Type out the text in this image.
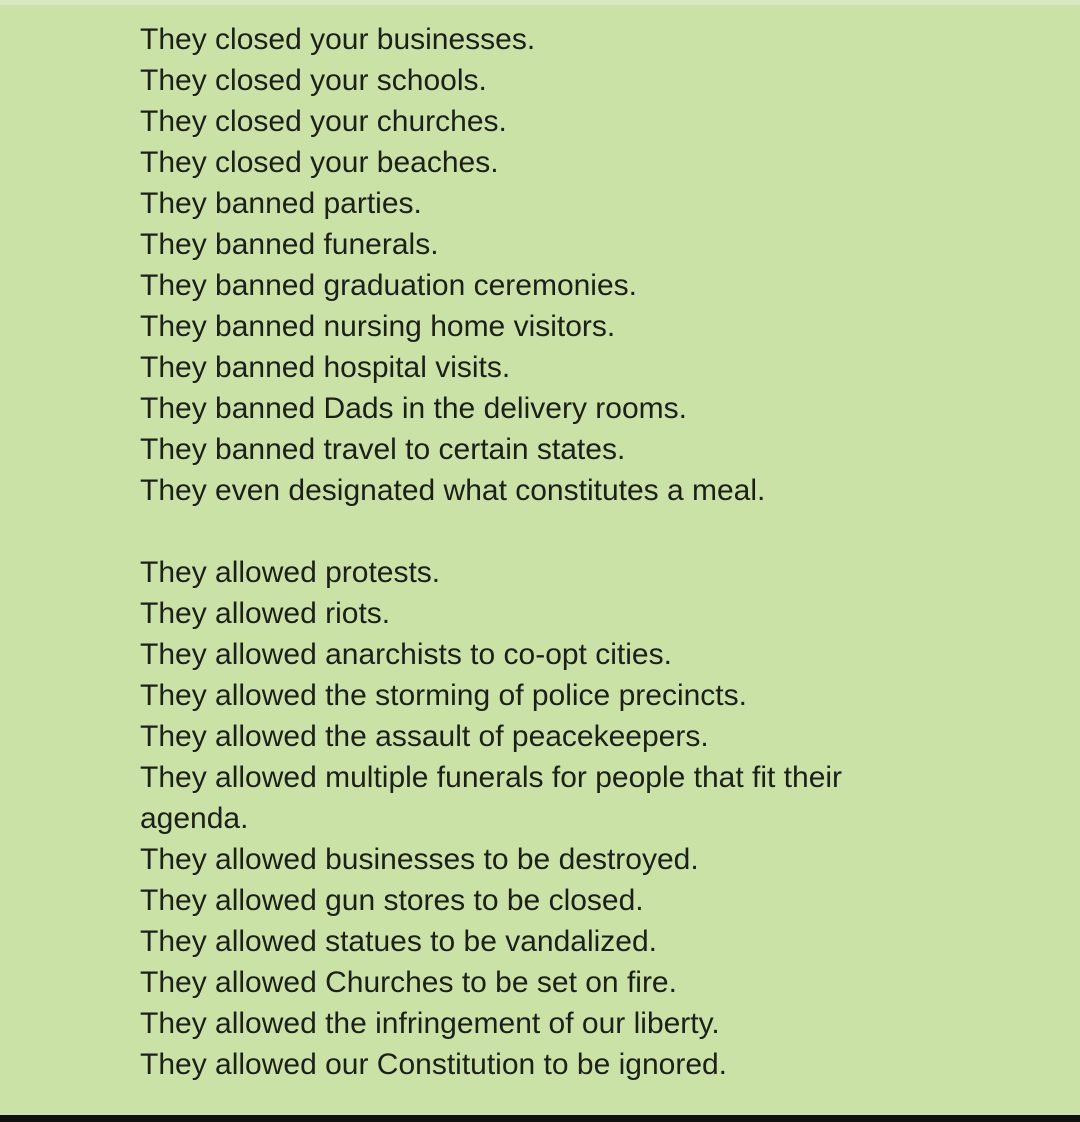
They closed your businesses.
They closed your schools.
They closed your churches.
They closed your beaches.
They banned parties.
They banned funerals.
They banned graduation ceremonies.
They banned nursing home visitors.
They banned hospital visits.
They banned Dads in the delivery rooms.
They banned travel to certain states.
They even designated what constitutes a meal.
They allowed protests.
They allowed riots.
They allowed anarchists to co-opt cities.
They allowed the storming of police precincts.
They allowed the assault of peacekeepers.
They allowed multiple funerals for people that fit their
agenda.
They allowed businesses to be destroyed.
They allowed gun stores to be closed.
They allowed statues to be vandalized.
They allowed Churches to be set on fire.
They allowed the infringement of our liberty.
They allowed our Constitution to be ignored.
